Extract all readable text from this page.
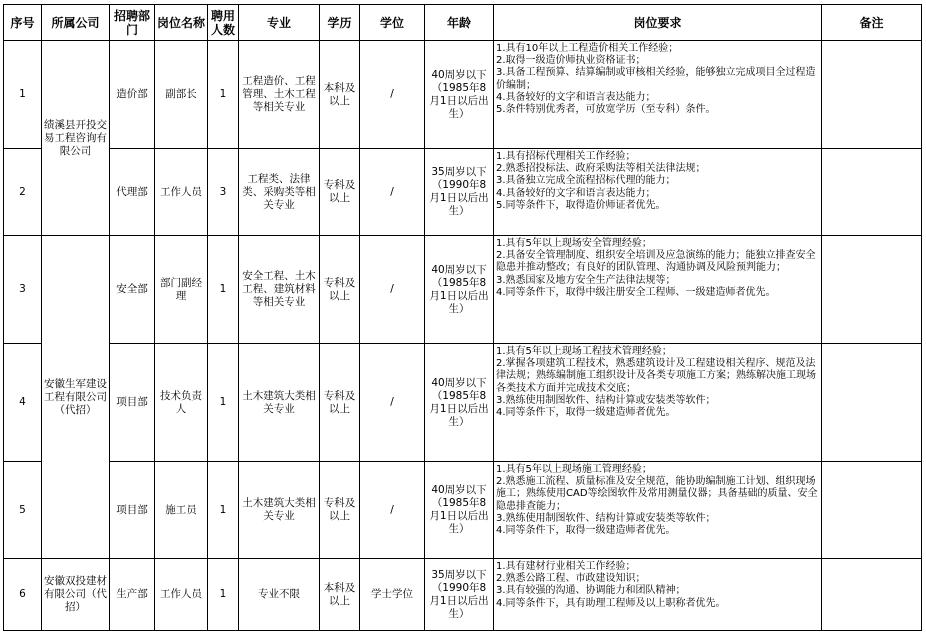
序号	所属公司	招聘部门	岗位名称	聘用人数	专业	学历	学位	年龄	岗位要求	备注
1	绩溪县开投交易工程咨询有限公司	造价部	副部长	1	工程造价、工程管理、土木工程等相关专业	本科及以上	/	40周岁以下（1985年8月1日以后出生）	1.具有10年以上工程造价相关工作经验；
2.取得一级造价师执业资格证书；
3.具备工程预算、结算编制或审核相关经验，能够独立完成项目全过程造价编制；
4.具备较好的文字和语言表达能力；
5.条件特别优秀者，可放宽学历（至专科）条件。	

2		代理部	工作人员	3	工程类、法律类、采购类等相关专业	专科及以上	/	35周岁以下（1990年8月1日以后出生）	1.具有招标代理相关工作经验；
2.熟悉招投标法、政府采购法等相关法律法规；
3.具备独立完成全流程招标代理的能力；
4.具备较好的文字和语言表达能力；
5.同等条件下，取得造价师证者优先。	

3	安徽生军建设工程有限公司（代招）	安全部	部门副经理	1	安全工程、土木工程、建筑材料等相关专业	专科及以上	/	40周岁以下（1985年8月1日以后出生）	1.具有5年以上现场安全管理经验；
2.具备安全管理制度、组织安全培训及应急演练的能力；能独立排查安全隐患并推动整改；有良好的团队管理、沟通协调及风险预判能力；
3.熟悉国家及地方安全生产法律法规等；
4.同等条件下，取得中级注册安全工程师、一级建造师者优先。	

4		项目部	技术负责人	1	土木建筑大类相关专业	专科及以上	/	40周岁以下（1985年8月1日以后出生）	1.具有5年以上现场工程技术管理经验；
2.掌握各项建筑工程技术，熟悉建筑设计及工程建设相关程序、规范及法律法规；熟练编制施工组织设计及各类专项施工方案；熟练解决施工现场各类技术方面并完成技术交底；
3.熟练使用制图软件、结构计算或安装类等软件；
4.同等条件下，取得一级建造师者优先。	

5		项目部	施工员	1	土木建筑大类相关专业	专科及以上	/	40周岁以下（1985年8月1日以后出生）	1.具有5年以上现场施工管理经验；
2.熟悉施工流程、质量标准及安全规范，能协助编制施工计划、组织现场施工；熟练使用CAD等绘图软件及常用测量仪器；具备基础的质量、安全隐患排查能力；
3.熟练使用制图软件、结构计算或安装类等软件；
4.同等条件下，取得一级建造师者优先。	

6	安徽双投建材有限公司（代招）	生产部	工作人员	1	专业不限	本科及以上	学士学位	35周岁以下（1990年8月1日以后出生）	1.具有建材行业相关工作经验；
2.熟悉公路工程、市政建设知识；
3.具有较强的沟通、协调能力和团队精神；
4.同等条件下，具有助理工程师及以上职称者优先。	
